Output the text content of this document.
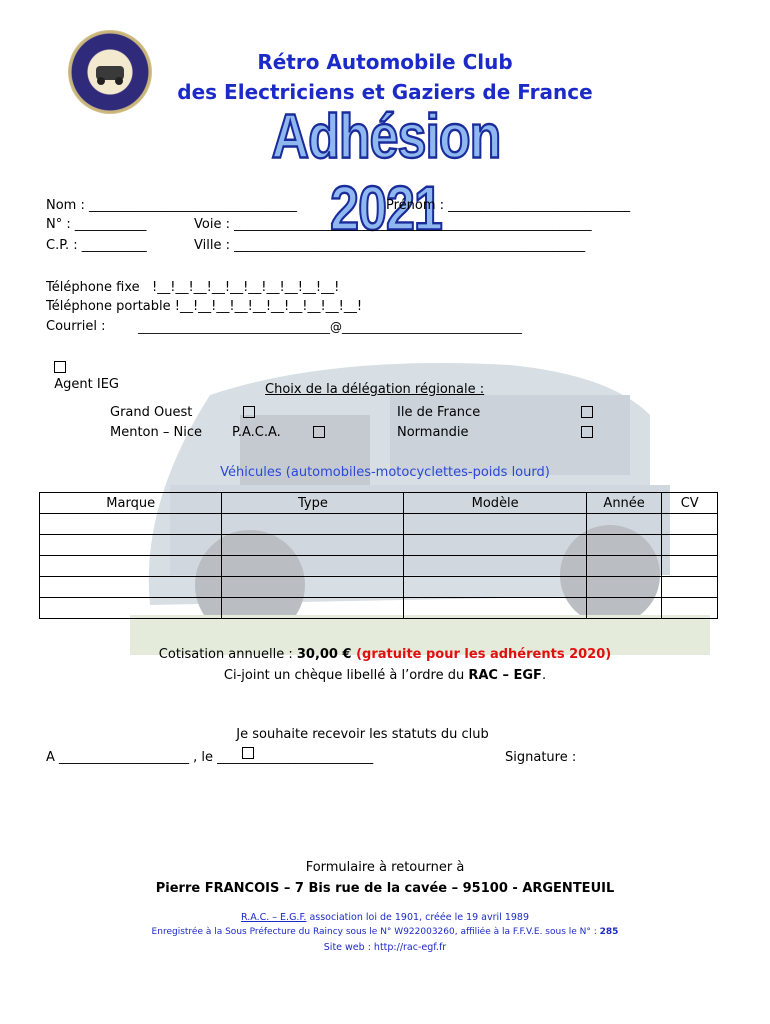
Rétro Automobile Club
des Electriciens et Gaziers de France
Adhésion 2021
Nom : ________________________________	Prénom : ____________________________
N° : ___________	Voie : _______________________________________________________
C.P. : __________	Ville : ______________________________________________________
Téléphone fixe   !__!__!__!__!__!__!__!__!__!__!
Téléphone portable !__!__!__!__!__!__!__!__!__!__!
Courriel :	________________________________@______________________________

Agent IEG	Choix de la délégation régionale :
Grand Ouest	Ile de France
Menton – Nice P.A.C.A.	Normandie
Véhicules (automobiles-motocyclettes-poids lourd)
Marque	Type	Modèle	Année	CV

Cotisation annuelle : 30,00 € (gratuite pour les adhérents 2020)
Ci-joint un chèque libellé à l’ordre du RAC – EGF.

Je souhaite recevoir les statuts du club

A ____________________ , le ________________________	Signature :
Formulaire à retourner à
Pierre FRANCOIS – 7 Bis rue de la cavée – 95100 - ARGENTEUIL
R.A.C. – E.G.F. association loi de 1901, créée le 19 avril 1989
Enregistrée à la Sous Préfecture du Raincy sous le N° W922003260, affiliée à la F.F.V.E. sous le N° : 285
Site web : http://rac-egf.fr
